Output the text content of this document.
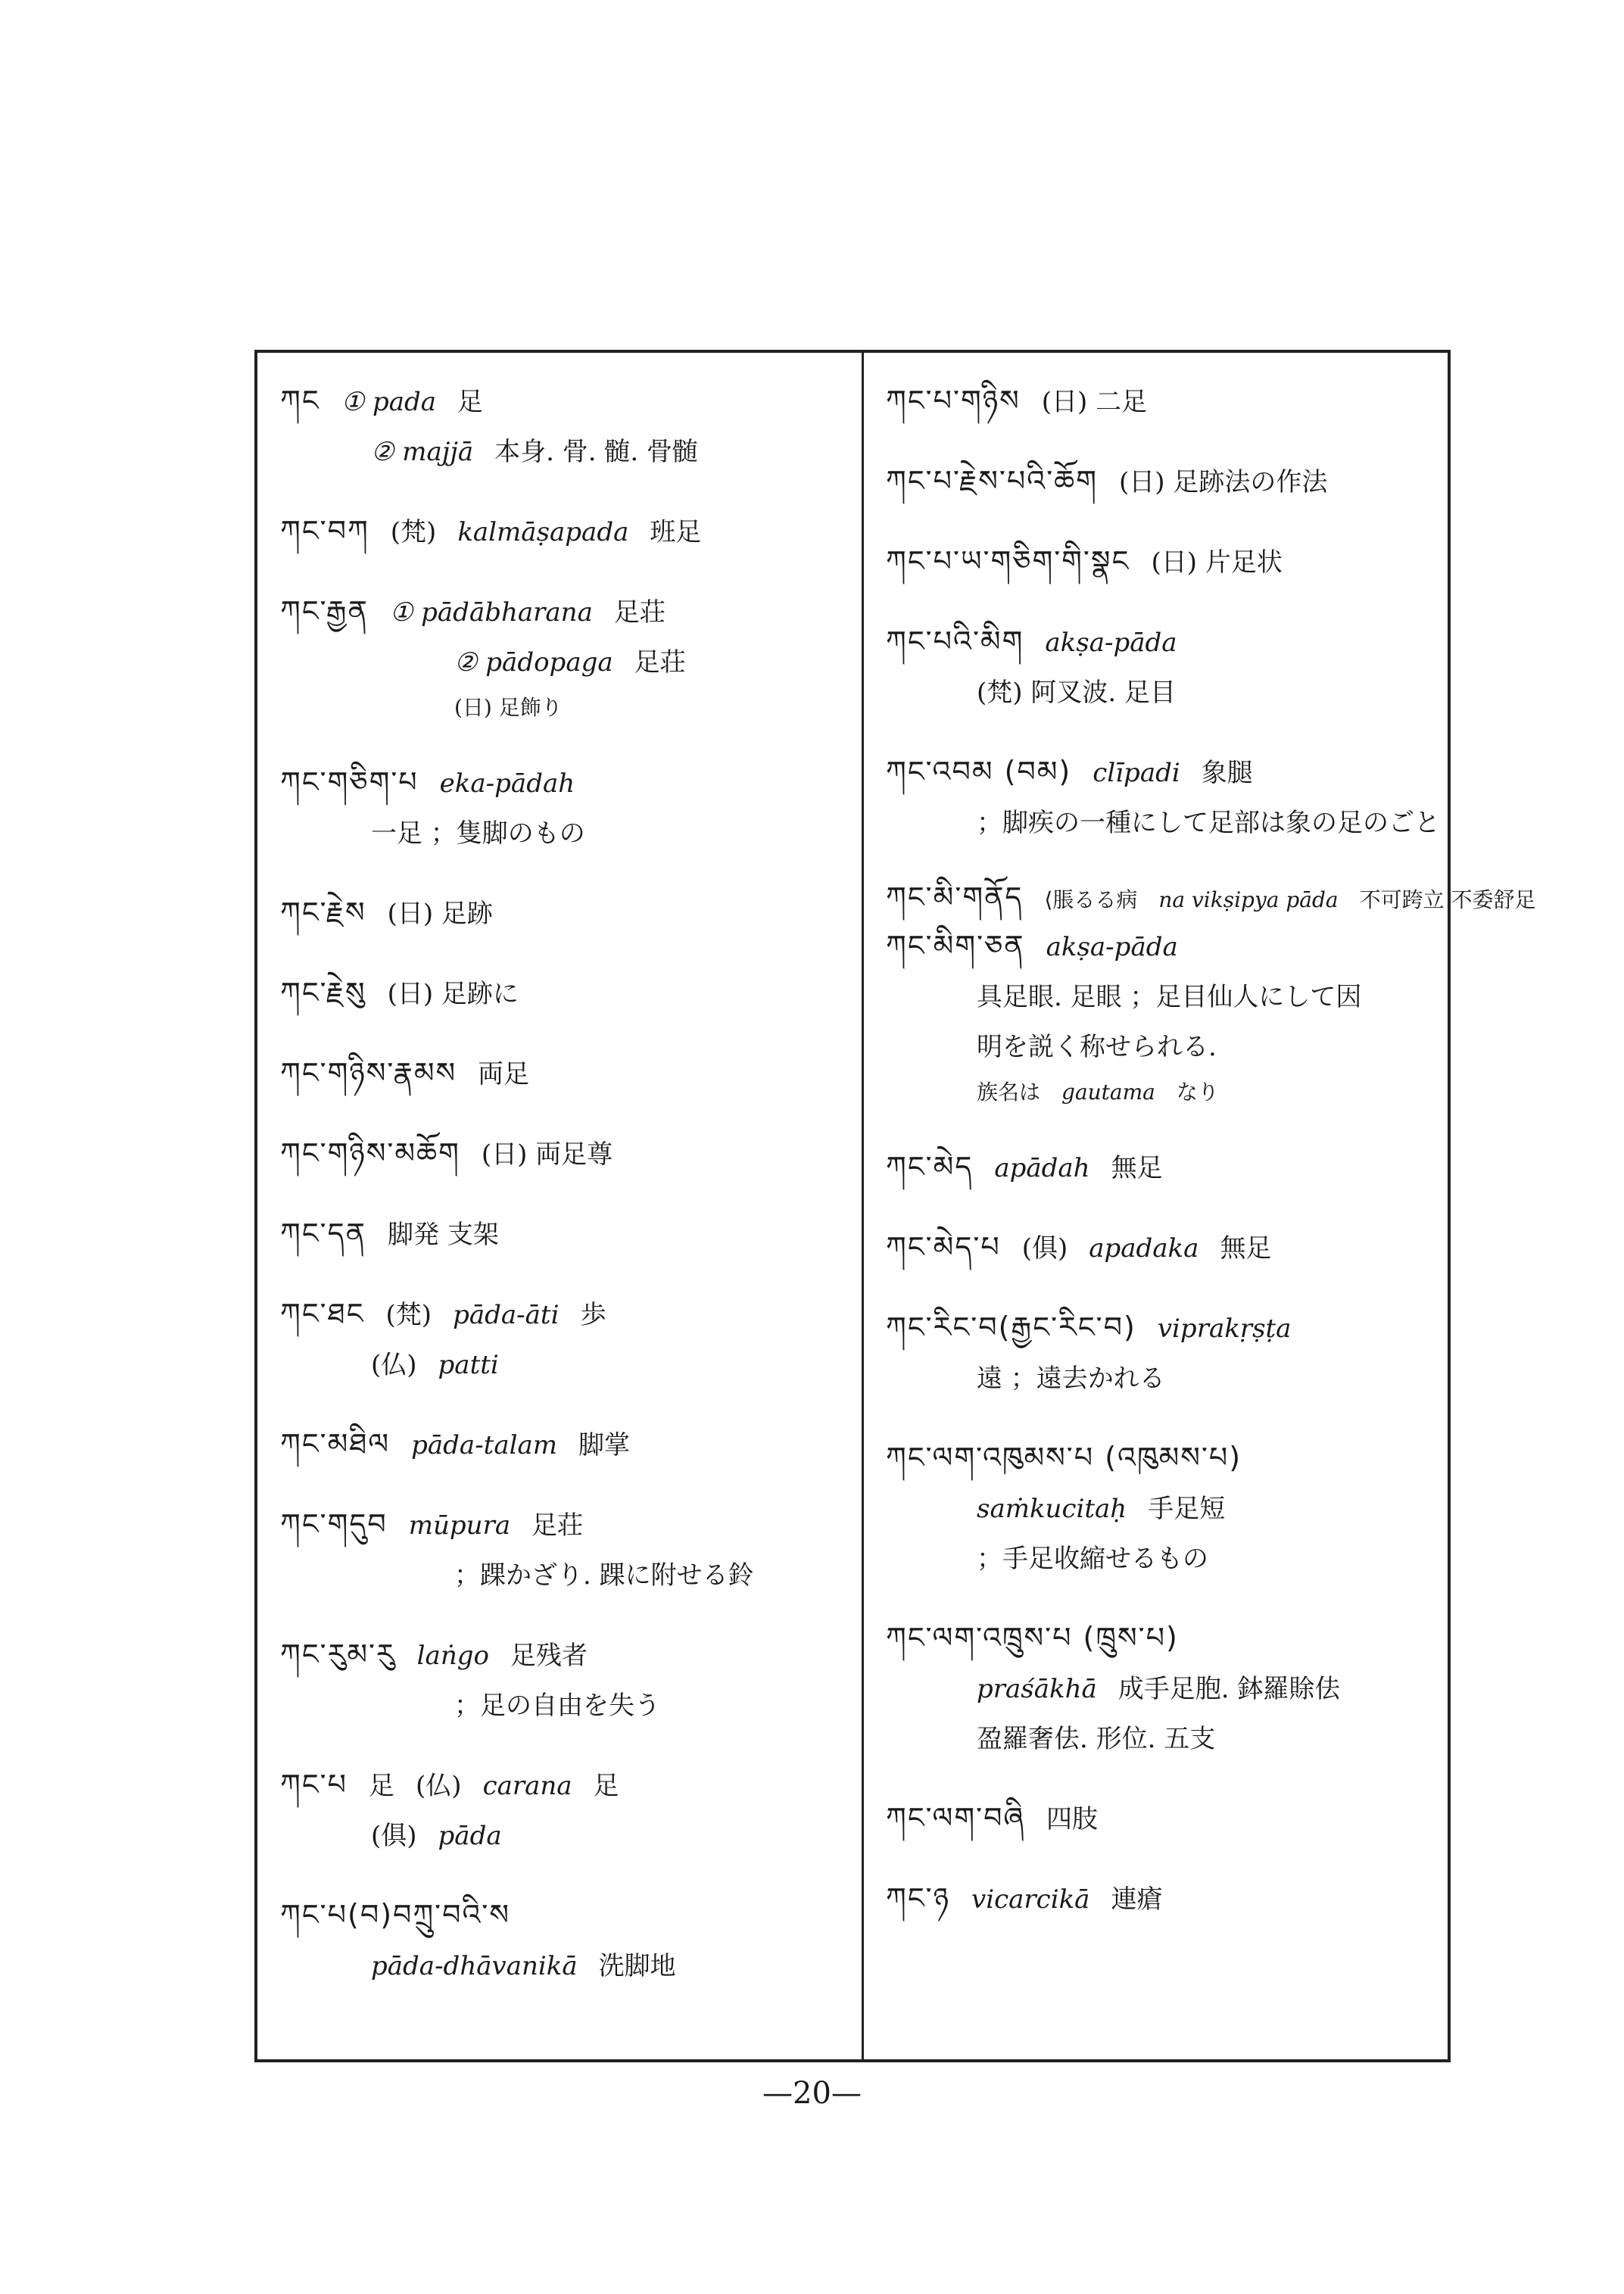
ཀང ① pada 足
② majjā 本身. 骨. 髄. 骨髄
ཀང་བཀ (梵) kalmāṣapada 班足
ཀང་རྒྱན ① pādābharana 足荘
② pādopaga 足荘
(日) 足飾り
ཀང་གཅིག་པ eka-pādah
一足 ；隻脚のもの
ཀང་རྗེས (日) 足跡
ཀང་རྗེསུ (日) 足跡に
ཀང་གཉིས་རྣམས 両足
ཀང་གཉིས་མཆོག (日) 両足尊
ཀང་དན 脚発 支架
ཀང་ཐང (梵) pāda-āti 歩
(仏) patti
ཀང་མཐིལ pāda-talam 脚掌
ཀང་གདུབ mūpura 足荘
；踝かざり. 踝に附せる鈴
ཀང་རུམ་རུ laṅgo 足残者
；足の自由を失う
ཀང་པ 足 (仏) carana 足
(俱) pāda
ཀང་པ(བ)བཀྲུ་བའི་ས
pāda-dhāvanikā 洗脚地
ཀང་པ་གཉིས (日) 二足
ཀང་པ་རྗེས་པའི་ཆོག (日) 足跡法の作法
ཀང་པ་ཡ་གཅིག་གི་སྣང (日) 片足状
ཀང་པའི་མིག akṣa-pāda
(梵) 阿叉波. 足目
ཀང་འབམ (བམ) clīpadi 象腿
；脚疾の一種にして足部は象の足のごと
ཀང་མི་གནོད ⟨脹るる病 na vikṣipya pāda 不可跨立 不委舒足
ཀང་མིག་ཅན akṣa-pāda
具足眼. 足眼 ；足目仙人にして因
明を説く称せられる.
族名は gautama なり
ཀང་མེད apādah 無足
ཀང་མེད་པ (俱) apadaka 無足
ཀང་རིང་བ(རྒྱང་རིང་བ) viprakṛṣṭa
遠 ；遠去かれる
ཀང་ལག་འཁུམས་པ (འཁུམས་པ)
saṁkucitaḥ 手足短
；手足收縮せるもの
ཀང་ལག་འཁྲུས་པ (ཁྲུས་པ)
praśākhā 成手足胞. 鉢羅賖佉
盈羅奢佉. 形位. 五支
ཀང་ལག་བཞི 四肢
ཀང་ཉ vicarcikā 連瘡
—20—
